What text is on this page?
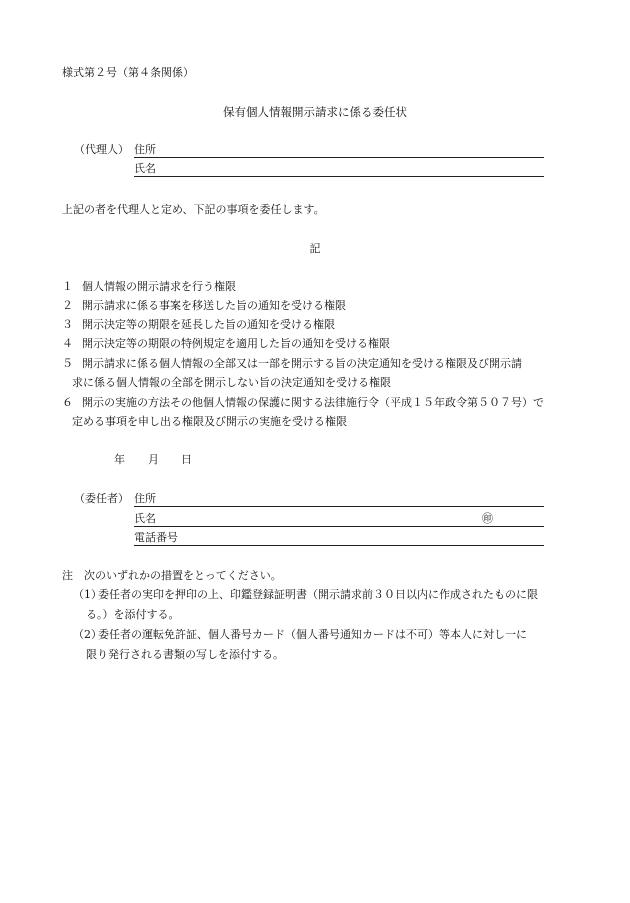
様式第２号（第４条関係）
保有個人情報開示請求に係る委任状
（代理人） 住所
氏名
上記の者を代理人と定め、下記の事項を委任します。
記
１ 個人情報の開示請求を行う権限
２ 開示請求に係る事案を移送した旨の通知を受ける権限
３ 開示決定等の期限を延長した旨の通知を受ける権限
４ 開示決定等の期限の特例規定を適用した旨の通知を受ける権限
５ 開示請求に係る個人情報の全部又は一部を開示する旨の決定通知を受ける権限及び開示請
求に係る個人情報の全部を開示しない旨の決定通知を受ける権限
６ 開示の実施の方法その他個人情報の保護に関する法律施行令（平成１５年政令第５０７号）で
定める事項を申し出る権限及び開示の実施を受ける権限
年 月 日
（委任者） 住所
氏名	㊞
電話番号
注 次のいずれかの措置をとってください。
（1）
委任者の実印を押印の上、印鑑登録証明書（開示請求前３０日以内に作成されたものに限
る。）を添付する。
（2）
委任者の運転免許証、個人番号カード（個人番号通知カードは不可）等本人に対し一に
限り発行される書類の写しを添付する。
